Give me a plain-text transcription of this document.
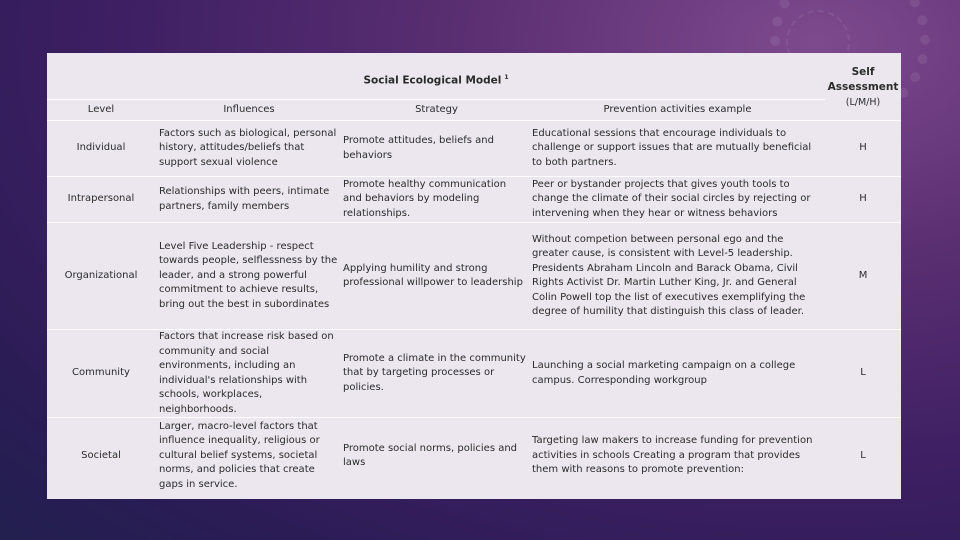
Social Ecological Model $^1$				Self Assessment
(L/M/H)

Level	Influences	Strategy	Prevention activities example	
Individual	Factors such as biological, personal history, attitudes/beliefs that support sexual violence	Promote attitudes, beliefs and behaviors	Educational sessions that encourage individuals to challenge or support issues that are mutually beneficial to both partners.	H
Intrapersonal	Relationships with peers, intimate partners, family members	Promote healthy communication and behaviors by modeling relationships.	Peer or bystander projects that gives youth tools to change the climate of their social circles by rejecting or intervening when they hear or witness behaviors	H
Organizational	Level Five Leadership - respect towards people, selflessness by the leader, and a strong powerful commitment to achieve results, bring out the best in subordinates	Applying humility and strong professional willpower to leadership	Without competion between personal ego and the greater cause, is consistent with Level-5 leadership. Presidents Abraham Lincoln and Barack Obama, Civil Rights Activist Dr. Martin Luther King, Jr. and General Colin Powell top the list of executives exemplifying the degree of humility that distinguish this class of leader.	M
Community	Factors that increase risk based on community and social environments, including an individual's relationships with schools, workplaces, neighborhoods.	Promote a climate in the community that by targeting processes or policies.	Launching a social marketing campaign on a college campus. Corresponding workgroup	L
Societal	Larger, macro-level factors that influence inequality, religious or cultural belief systems, societal norms, and policies that create gaps in service.	Promote social norms, policies and laws	Targeting law makers to increase funding for prevention activities in schools Creating a program that provides them with reasons to promote prevention:	L
